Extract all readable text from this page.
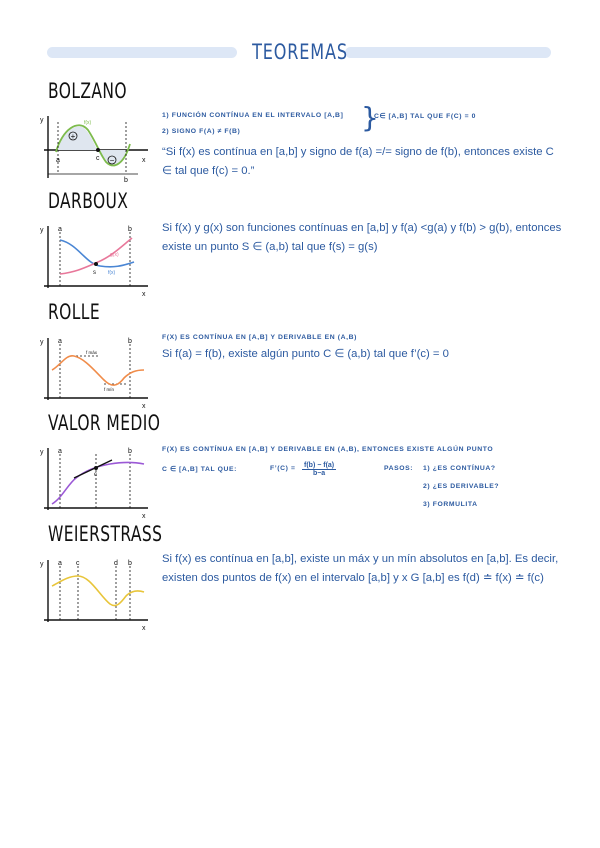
TEOREMAS
BOLZANO
+
−
y
x
a	c
b
f(x)
1) FUNCIÓN CONTÍNUA EN EL INTERVALO [A,B]
2) SIGNO F(A) ≠ F(B)	}
C∈ [A,B] TAL QUE F(C) = 0
“Si f(x) es contínua en [a,b] y signo de f(a) =/= signo de f(b), entonces existe C ∈ tal que f(c) = 0.”
DARBOUX
y
x
a	b
s
g(x)
f(x)
Si f(x) y g(x) son funciones contínuas en [a,b] y f(a) <g(a) y f(b) > g(b), entonces existe un punto S ∈ (a,b) tal que f(s) = g(s)
ROLLE
y
x
a	b
f máx
f mín
F(X) ES CONTÍNUA EN [A,B] Y DERIVABLE EN (A,B)
Si f(a) = f(b), existe algún punto C ∈ (a,b) tal que f’(c) = 0
VALOR MEDIO
y
x
a
c
b	F(X) ES CONTÍNUA EN [A,B] Y DERIVABLE EN (A,B), ENTONCES EXISTE ALGÚN PUNTO
C ∈ [A,B] TAL QUE:	F’(C) = $\frac{f(b) - f(a)}{b-a}$	PASOS: 1) ¿ES CONTÍNUA?
2) ¿ES DERIVABLE?
3) FORMULITA
WEIERSTRASS
y
x
a c	d b	Si f(x) es contínua en [a,b], existe un máx y un mín absolutos en [a,b]. Es decir, existen dos puntos de f(x) en el intervalo [a,b] y x G [a,b] es f(d) ≐ f(x) ≐ f(c)
